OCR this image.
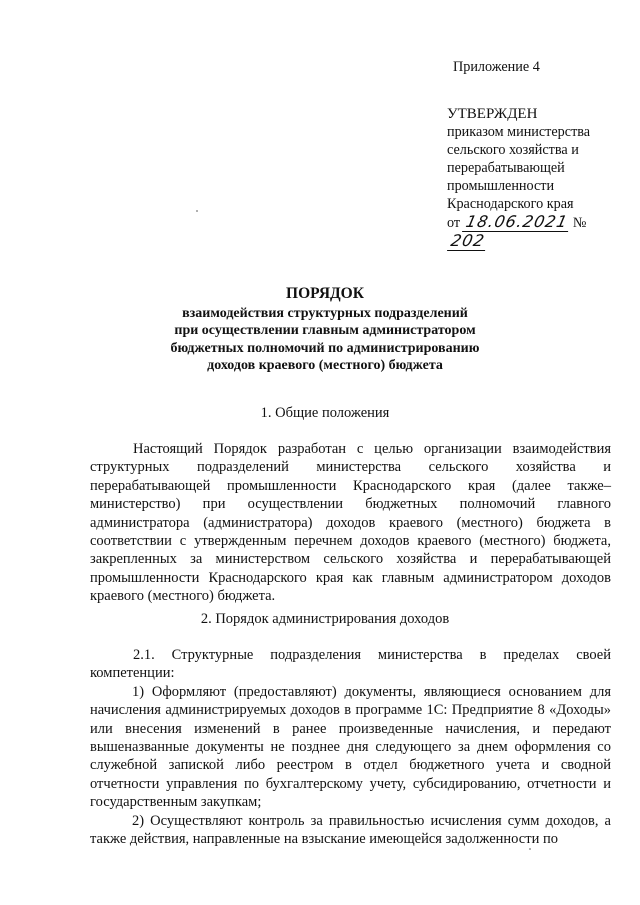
Приложение 4
УТВЕРЖДЕН
приказом министерства
сельского хозяйства и
перерабатывающей
промышленности
Краснодарского края
от 18.06.2021 № 202
ПОРЯДОК
взаимодействия структурных подразделений
при осуществлении главным администратором
бюджетных полномочий по администрированию
доходов краевого (местного) бюджета
1. Общие положения

Настоящий Порядок разработан с целью организации взаимодействия структурных подразделений министерства сельского хозяйства и перерабатывающей промышленности Краснодарского края (далее также– министерство) при осуществлении бюджетных полномочий главного администратора (администратора) доходов краевого (местного) бюджета в соответствии с утвержденным перечнем доходов краевого (местного) бюджета, закрепленных за министерством сельского хозяйства и перерабатывающей промышленности Краснодарского края как главным администратором доходов краевого (местного) бюджета.

2. Порядок администрирования доходов

2.1. Структурные подразделения министерства в пределах своей компетенции:

1) Оформляют (предоставляют) документы, являющиеся основанием для начисления администрируемых доходов в программе 1С: Предприятие 8 «Доходы» или внесения изменений в ранее произведенные начисления, и передают вышеназванные документы не позднее дня следующего за днем оформления со служебной запиской либо реестром в отдел бюджетного учета и сводной отчетности управления по бухгалтерскому учету, субсидированию, отчетности и государственным закупкам;

2) Осуществляют контроль за правильностью исчисления сумм доходов, а также действия, направленные на взыскание имеющейся задолженности по
